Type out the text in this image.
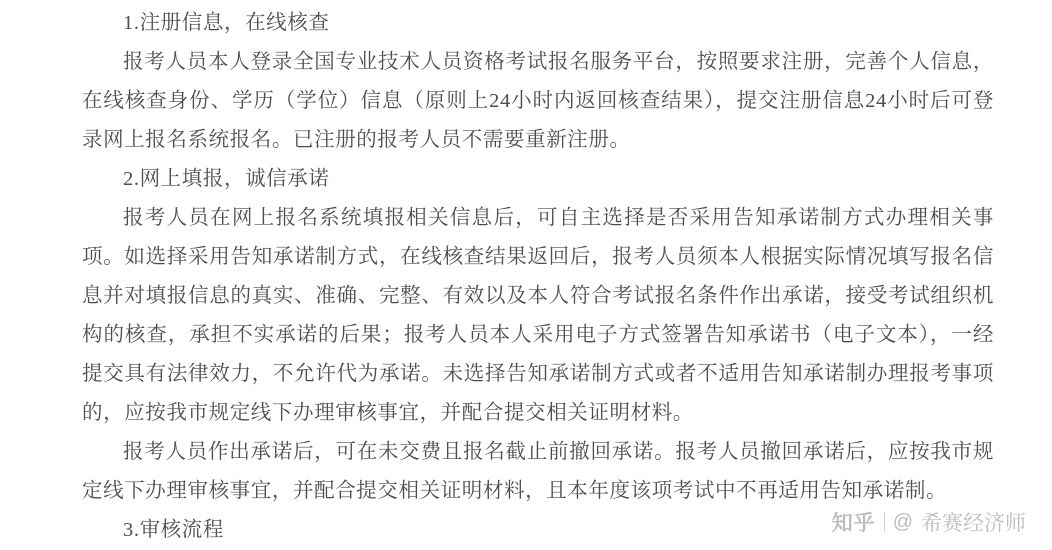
1.注册信息，在线核查

报考人员本人登录全国专业技术人员资格考试报名服务平台，按照要求注册，完善个人信息，在线核查身份、学历（学位）信息（原则上24小时内返回核查结果），提交注册信息24小时后可登录网上报名系统报名。已注册的报考人员不需要重新注册。

2.网上填报，诚信承诺

报考人员在网上报名系统填报相关信息后，可自主选择是否采用告知承诺制方式办理相关事项。如选择采用告知承诺制方式，在线核查结果返回后，报考人员须本人根据实际情况填写报名信息并对填报信息的真实、准确、完整、有效以及本人符合考试报名条件作出承诺，接受考试组织机构的核查，承担不实承诺的后果；报考人员本人采用电子方式签署告知承诺书（电子文本），一经提交具有法律效力，不允许代为承诺。未选择告知承诺制方式或者不适用告知承诺制办理报考事项的，应按我市规定线下办理审核事宜，并配合提交相关证明材料。

报考人员作出承诺后，可在未交费且报名截止前撤回承诺。报考人员撤回承诺后，应按我市规定线下办理审核事宜，并配合提交相关证明材料，且本年度该项考试中不再适用告知承诺制。

3.审核流程	知乎 @ 希赛经济师
